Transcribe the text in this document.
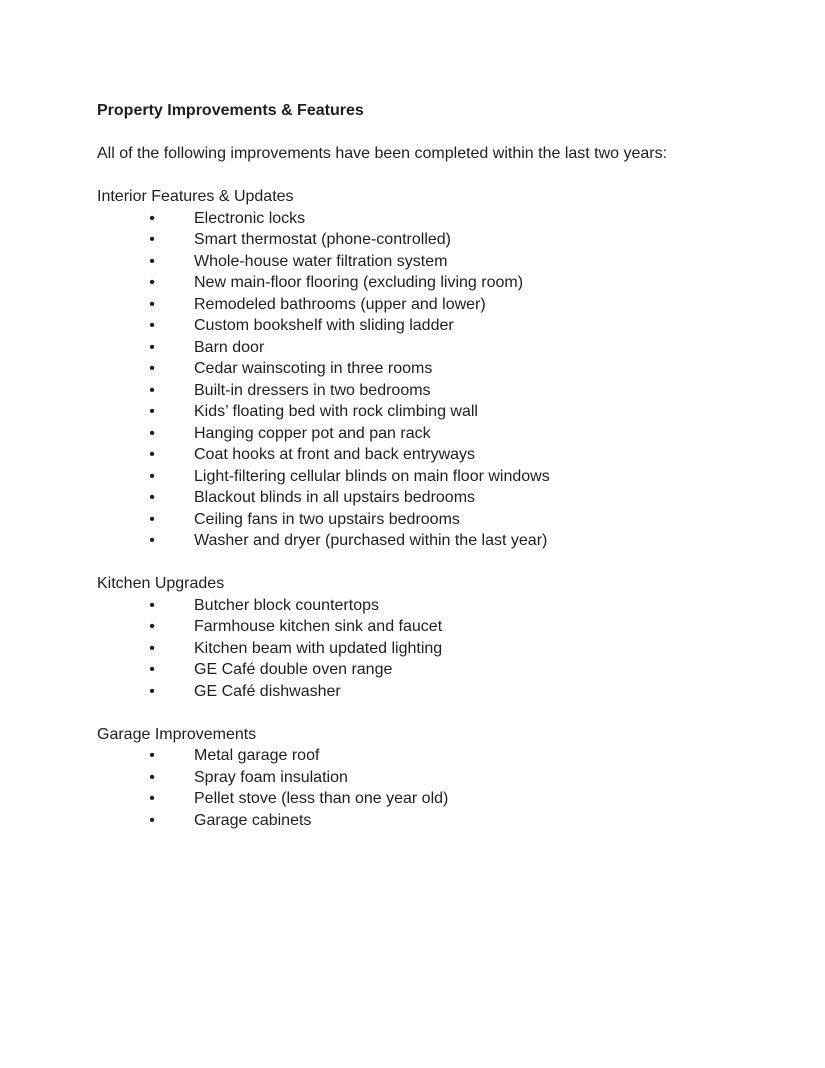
Property Improvements & Features

All of the following improvements have been completed within the last two years:

Interior Features & Updates
• Electronic locks
• Smart thermostat (phone-controlled)
• Whole-house water filtration system
• New main-floor flooring (excluding living room)
• Remodeled bathrooms (upper and lower)
• Custom bookshelf with sliding ladder
• Barn door
• Cedar wainscoting in three rooms
• Built-in dressers in two bedrooms
• Kids’ floating bed with rock climbing wall
• Hanging copper pot and pan rack
• Coat hooks at front and back entryways
• Light-filtering cellular blinds on main floor windows
• Blackout blinds in all upstairs bedrooms
• Ceiling fans in two upstairs bedrooms
• Washer and dryer (purchased within the last year)
Kitchen Upgrades
• Butcher block countertops
• Farmhouse kitchen sink and faucet
• Kitchen beam with updated lighting
• GE Café double oven range
• GE Café dishwasher
Garage Improvements
• Metal garage roof
• Spray foam insulation
• Pellet stove (less than one year old)
• Garage cabinets
